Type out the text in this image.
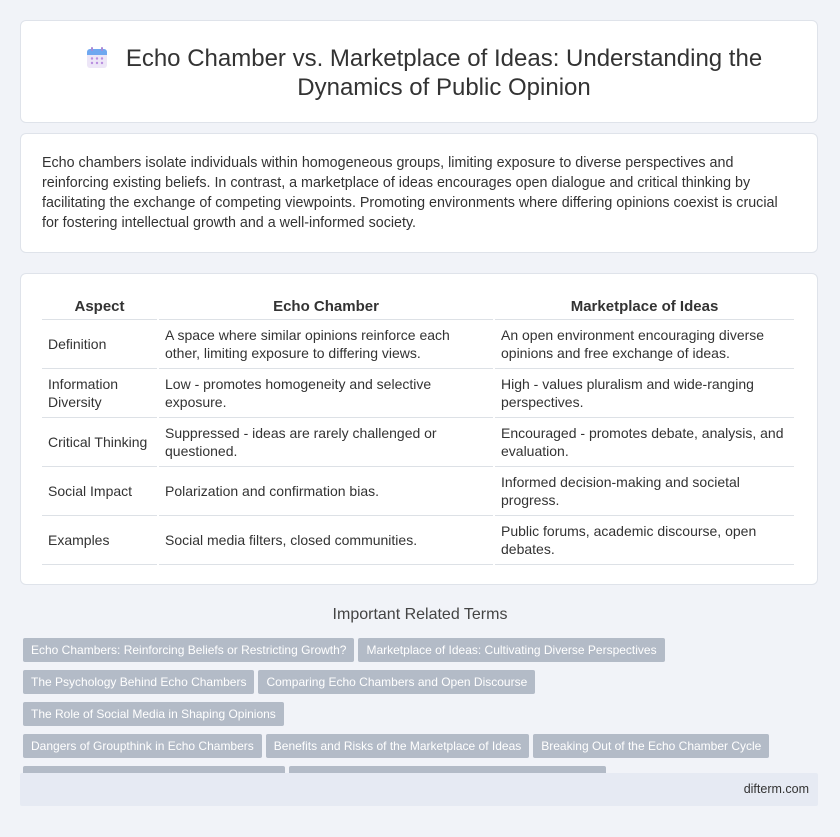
Echo Chamber vs. Marketplace of Ideas: Understanding the Dynamics of Public Opinion

Echo chambers isolate individuals within homogeneous groups, limiting exposure to diverse perspectives and reinforcing existing beliefs. In contrast, a marketplace of ideas encourages open dialogue and critical thinking by facilitating the exchange of competing viewpoints. Promoting environments where differing opinions coexist is crucial for fostering intellectual growth and a well-informed society.

Aspect	Echo Chamber	Marketplace of Ideas
Definition	A space where similar opinions reinforce each other, limiting exposure to differing views.	An open environment encouraging diverse opinions and free exchange of ideas.
Information Diversity	Low - promotes homogeneity and selective exposure.	High - values pluralism and wide-ranging perspectives.
Critical Thinking	Suppressed - ideas are rarely challenged or questioned.	Encouraged - promotes debate, analysis, and evaluation.
Social Impact	Polarization and confirmation bias.	Informed decision-making and societal progress.
Examples	Social media filters, closed communities.	Public forums, academic discourse, open debates.
Important Related Terms
Echo Chambers: Reinforcing Beliefs or Restricting Growth? Marketplace of Ideas: Cultivating Diverse Perspectives
The Psychology Behind Echo Chambers Comparing Echo Chambers and Open DiscourseThe Role of Social Media in Shaping Opinions
Dangers of Groupthink in Echo Chambers Benefits and Risks of the Marketplace of Ideas Breaking Out of the Echo Chamber Cycle

difterm.com
